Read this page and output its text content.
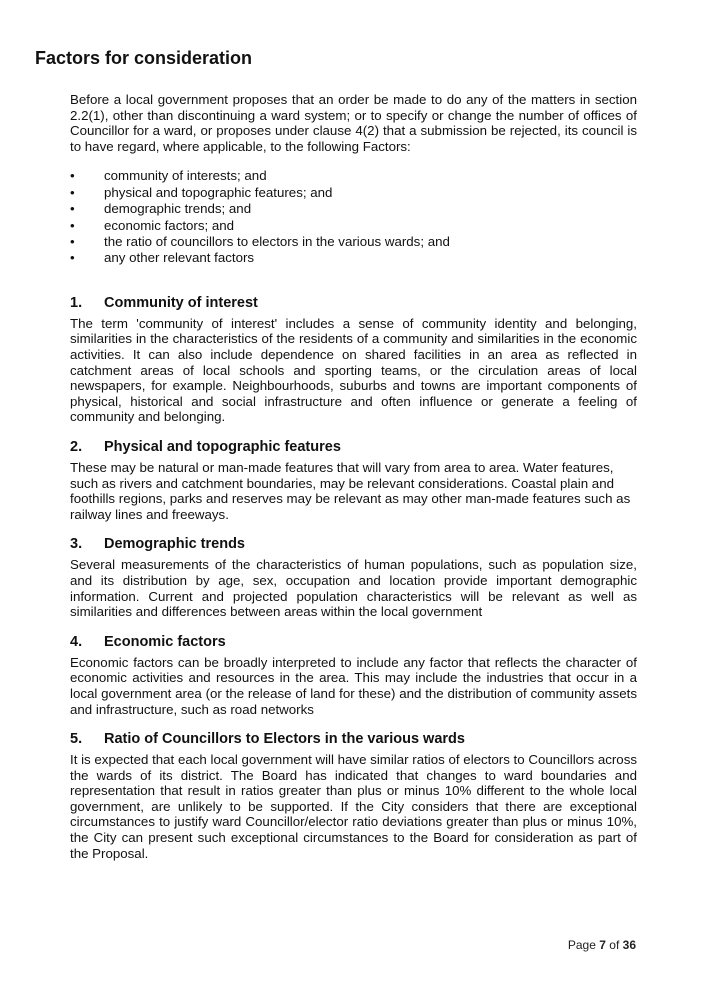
Factors for consideration

Before a local government proposes that an order be made to do any of the matters in section 2.2(1), other than discontinuing a ward system; or to specify or change the number of offices of Councillor for a ward, or proposes under clause 4(2) that a submission be rejected, its council is to have regard, where applicable, to the following Factors:

• community of interests; and
• physical and topographic features; and
• demographic trends; and
• economic factors; and
• the ratio of councillors to electors in the various wards; and
• any other relevant factors
1.	Community of interest

The term 'community of interest' includes a sense of community identity and belonging, similarities in the characteristics of the residents of a community and similarities in the economic activities. It can also include dependence on shared facilities in an area as reflected in catchment areas of local schools and sporting teams, or the circulation areas of local newspapers, for example. Neighbourhoods, suburbs and towns are important components of physical, historical and social infrastructure and often influence or generate a feeling of community and belonging.

2.	Physical and topographic features

These may be natural or man-made features that will vary from area to area. Water features, such as rivers and catchment boundaries, may be relevant considerations. Coastal plain and foothills regions, parks and reserves may be relevant as may other man-made features such as railway lines and freeways.

3.	Demographic trends

Several measurements of the characteristics of human populations, such as population size, and its distribution by age, sex, occupation and location provide important demographic information. Current and projected population characteristics will be relevant as well as similarities and differences between areas within the local government

4.	Economic factors

Economic factors can be broadly interpreted to include any factor that reflects the character of economic activities and resources in the area. This may include the industries that occur in a local government area (or the release of land for these) and the distribution of community assets and infrastructure, such as road networks

5.	Ratio of Councillors to Electors in the various wards

It is expected that each local government will have similar ratios of electors to Councillors across the wards of its district. The Board has indicated that changes to ward boundaries and representation that result in ratios greater than plus or minus 10% different to the whole local government, are unlikely to be supported. If the City considers that there are exceptional circumstances to justify ward Councillor/elector ratio deviations greater than plus or minus 10%, the City can present such exceptional circumstances to the Board for consideration as part of the Proposal.

Page 7 of 36
